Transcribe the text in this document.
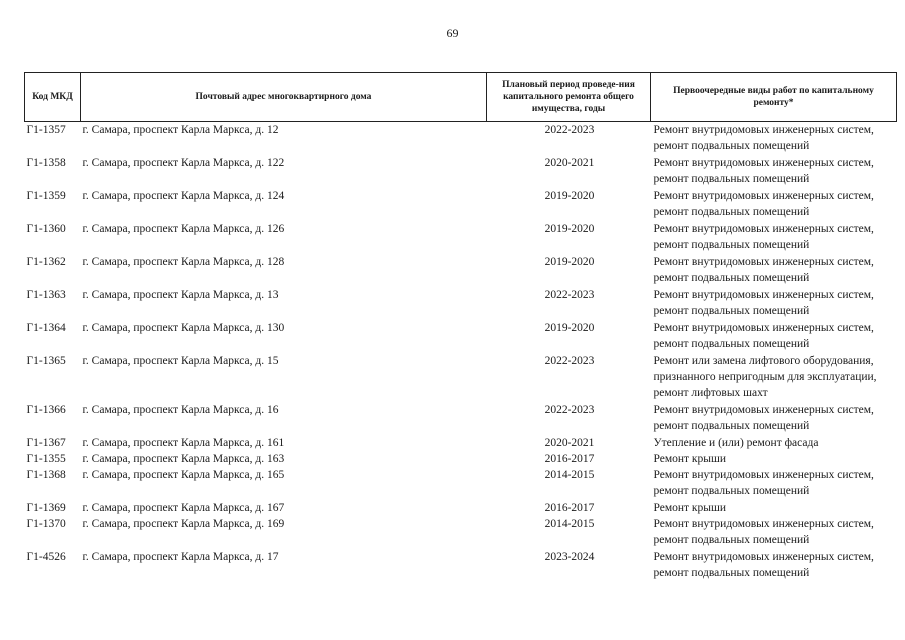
69
Код МКД	Почтовый адрес многоквартирного дома	Плановый период проведе-ния капитального ремонта общего имущества, годы	Первоочередные виды работ по капитальному ремонту*
Г1-1357	г. Самара, проспект Карла Маркса, д. 12	2022-2023	Ремонт внутридомовых инженерных систем, ремонт подвальных помещений
Г1-1358	г. Самара, проспект Карла Маркса, д. 122	2020-2021	Ремонт внутридомовых инженерных систем, ремонт подвальных помещений
Г1-1359	г. Самара, проспект Карла Маркса, д. 124	2019-2020	Ремонт внутридомовых инженерных систем, ремонт подвальных помещений
Г1-1360	г. Самара, проспект Карла Маркса, д. 126	2019-2020	Ремонт внутридомовых инженерных систем, ремонт подвальных помещений
Г1-1362	г. Самара, проспект Карла Маркса, д. 128	2019-2020	Ремонт внутридомовых инженерных систем, ремонт подвальных помещений
Г1-1363	г. Самара, проспект Карла Маркса, д. 13	2022-2023	Ремонт внутридомовых инженерных систем, ремонт подвальных помещений
Г1-1364	г. Самара, проспект Карла Маркса, д. 130	2019-2020	Ремонт внутридомовых инженерных систем, ремонт подвальных помещений
Г1-1365	г. Самара, проспект Карла Маркса, д. 15	2022-2023	Ремонт или замена лифтового оборудования, признанного непригодным для эксплуатации, ремонт лифтовых шахт
Г1-1366	г. Самара, проспект Карла Маркса, д. 16	2022-2023	Ремонт внутридомовых инженерных систем, ремонт подвальных помещений
Г1-1367	г. Самара, проспект Карла Маркса, д. 161	2020-2021	Утепление и (или) ремонт фасада
Г1-1355	г. Самара, проспект Карла Маркса, д. 163	2016-2017	Ремонт крыши
Г1-1368	г. Самара, проспект Карла Маркса, д. 165	2014-2015	Ремонт внутридомовых инженерных систем, ремонт подвальных помещений
Г1-1369	г. Самара, проспект Карла Маркса, д. 167	2016-2017	Ремонт крыши
Г1-1370	г. Самара, проспект Карла Маркса, д. 169	2014-2015	Ремонт внутридомовых инженерных систем, ремонт подвальных помещений
Г1-4526	г. Самара, проспект Карла Маркса, д. 17	2023-2024	Ремонт внутридомовых инженерных систем, ремонт подвальных помещений
